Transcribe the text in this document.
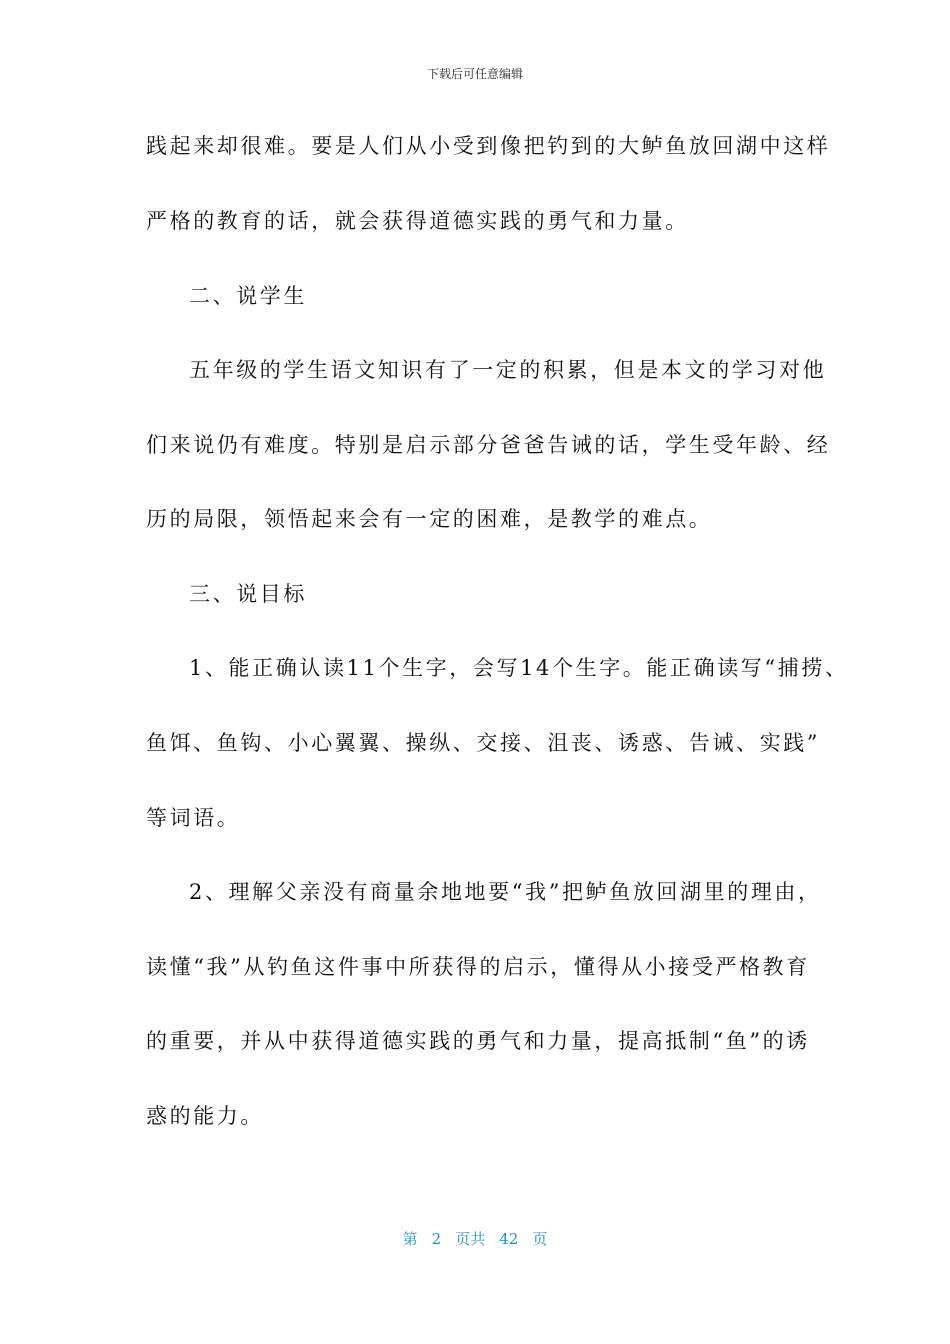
下载后可任意编辑
践起来却很难。要是人们从小受到像把钓到的大鲈鱼放回湖中这样
严格的教育的话，就会获得道德实践的勇气和力量。
二、说学生
五年级的学生语文知识有了一定的积累，但是本文的学习对他
们来说仍有难度。特别是启示部分爸爸告诫的话，学生受年龄、经
历的局限，领悟起来会有一定的困难，是教学的难点。
三、说目标
1、能正确认读11个生字，会写14个生字。能正确读写“捕捞、
鱼饵、鱼钩、小心翼翼、操纵、交接、沮丧、诱惑、告诫、实践”
等词语。
2、理解父亲没有商量余地地要“我”把鲈鱼放回湖里的理由，
读懂“我”从钓鱼这件事中所获得的启示，懂得从小接受严格教育
的重要，并从中获得道德实践的勇气和力量，提高抵制“鱼”的诱
惑的能力。
第 2 页共 42 页
